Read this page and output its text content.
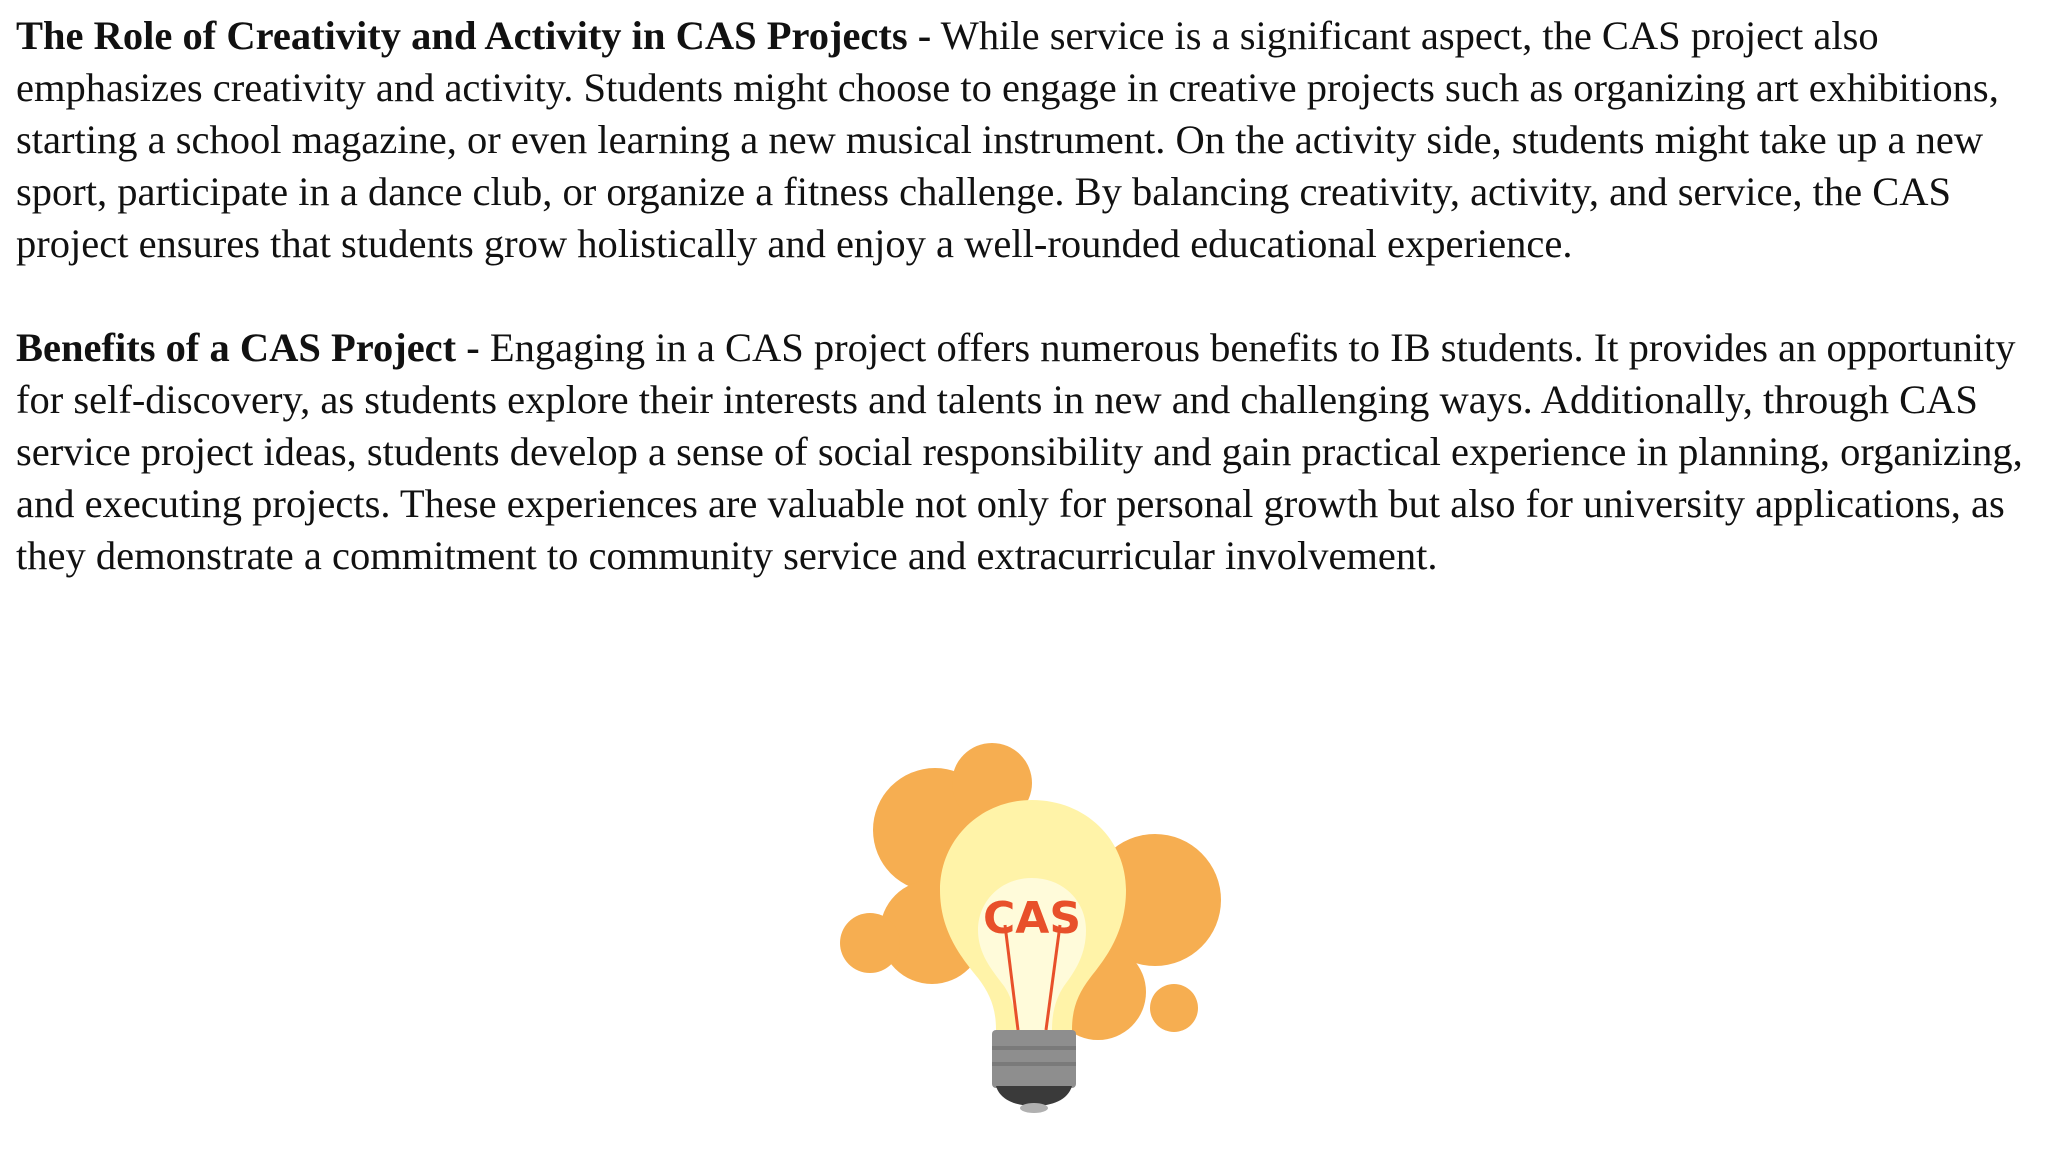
The Role of Creativity and Activity in CAS Projects - While service is a significant aspect, the CAS project also emphasizes creativity and activity. Students might choose to engage in creative projects such as organizing art exhibitions, starting a school magazine, or even learning a new musical instrument. On the activity side, students might take up a new sport, participate in a dance club, or organize a fitness challenge. By balancing creativity, activity, and service, the CAS project ensures that students grow holistically and enjoy a well-rounded educational experience.

Benefits of a CAS Project - Engaging in a CAS project offers numerous benefits to IB students. It provides an opportunity for self-discovery, as students explore their interests and talents in new and challenging ways. Additionally, through CAS service project ideas, students develop a sense of social responsibility and gain practical experience in planning, organizing, and executing projects. These experiences are valuable not only for personal growth but also for university applications, as they demonstrate a commitment to community service and extracurricular involvement.

CAS
